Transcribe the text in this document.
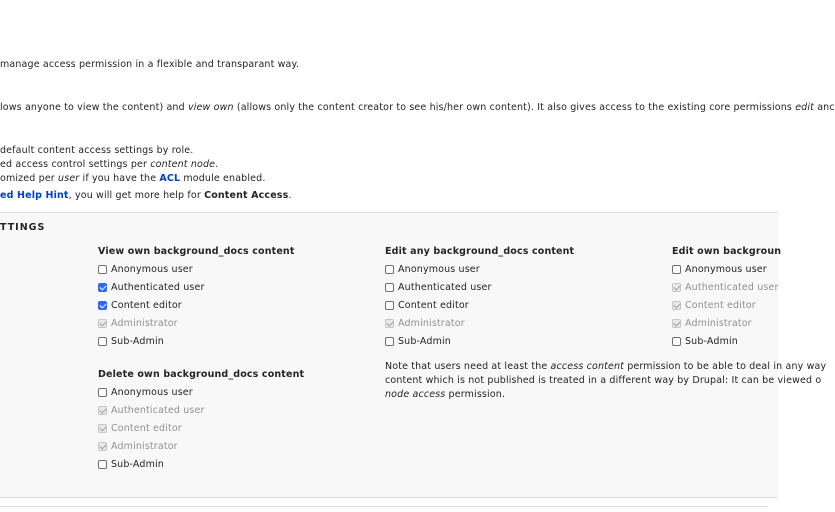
manage access permission in a flexible and transparant way.
lows anyone to view the content) and view own (allows only the content creator to see his/her own content). It also gives access to the existing core permissions edit anc
default content access settings by role.
ed access control settings per content node.
omized per user if you have the ACL module enabled.
ed Help Hint, you will get more help for Content Access.
TTINGS
View own background_docs content
Anonymous user
Authenticated user
Content editor
Administrator
Sub-Admin
Delete own background_docs content
Anonymous user
Authenticated user
Content editor
Administrator
Sub-Admin
Edit any background_docs content
Anonymous user
Authenticated user
Content editor
Administrator
Sub-Admin
Edit own backgroun
Anonymous user
Authenticated user
Content editor
Administrator
Sub-Admin
Note that users need at least the access content permission to be able to deal in any way
content which is not published is treated in a different way by Drupal: It can be viewed o
node access permission.
